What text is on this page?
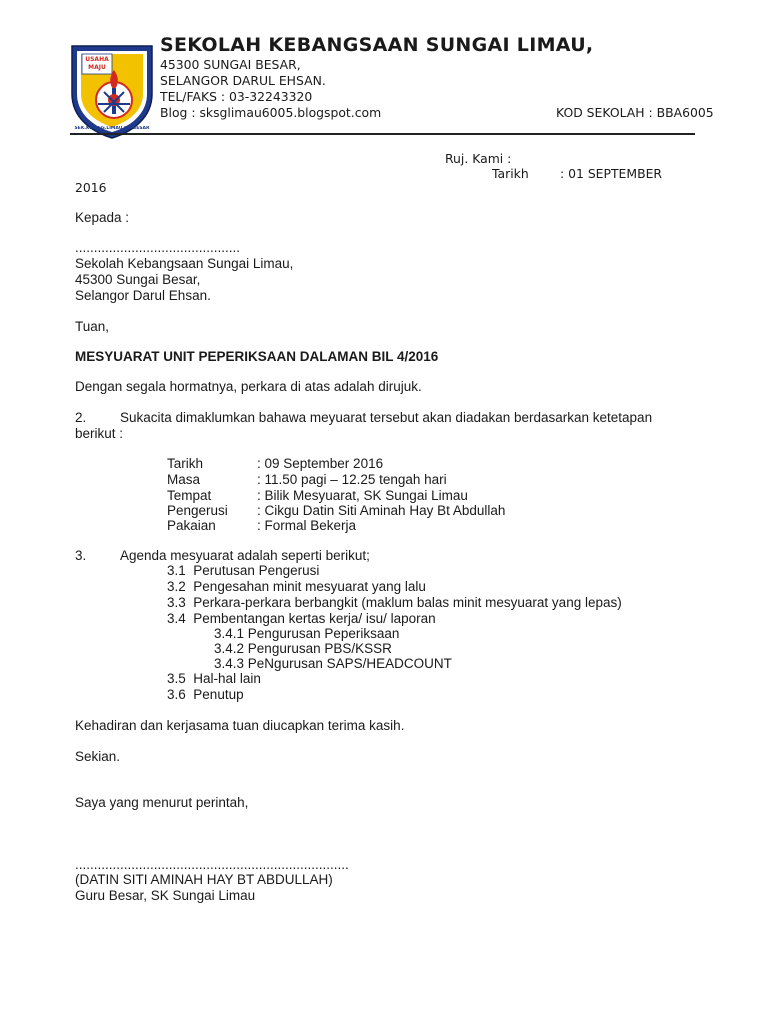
USAHA MAJU
SEK.KEB.SG.LIMAU,SG.BESAR
SEKOLAH KEBANGSAAN SUNGAI LIMAU,
45300 SUNGAI BESAR,
SELANGOR DARUL EHSAN.
TEL/FAKS : 03-32243320
Blog : sksglimau6005.blogspot.com	KOD SEKOLAH : BBA6005
Ruj. Kami :
Tarikh	: 01 SEPTEMBER
2016
Kepada :
............................................
Sekolah Kebangsaan Sungai Limau,
45300 Sungai Besar,
Selangor Darul Ehsan.
Tuan,
MESYUARAT UNIT PEPERIKSAAN DALAMAN BIL 4/2016
Dengan segala hormatnya, perkara di atas adalah dirujuk.
2. Sukacita dimaklumkan bahawa meyuarat tersebut akan diadakan berdasarkan ketetapan
berikut :
Tarikh	: 09 September 2016
Masa	: 11.50 pagi – 12.25 tengah hari
Tempat	: Bilik Mesyuarat, SK Sungai Limau
Pengerusi : Cikgu Datin Siti Aminah Hay Bt Abdullah
Pakaian	: Formal Bekerja
3. Agenda mesyuarat adalah seperti berikut;
3.1 Perutusan Pengerusi
3.2 Pengesahan minit mesyuarat yang lalu
3.3 Perkara-perkara berbangkit (maklum balas minit mesyuarat yang lepas)
3.4 Pembentangan kertas kerja/ isu/ laporan
3.4.1 Pengurusan Peperiksaan
3.4.2 Pengurusan PBS/KSSR
3.4.3 PeNgurusan SAPS/HEADCOUNT
3.5 Hal-hal lain
3.6 Penutup
Kehadiran dan kerjasama tuan diucapkan terima kasih.
Sekian.
Saya yang menurut perintah,
.........................................................................
(DATIN SITI AMINAH HAY BT ABDULLAH)
Guru Besar, SK Sungai Limau
